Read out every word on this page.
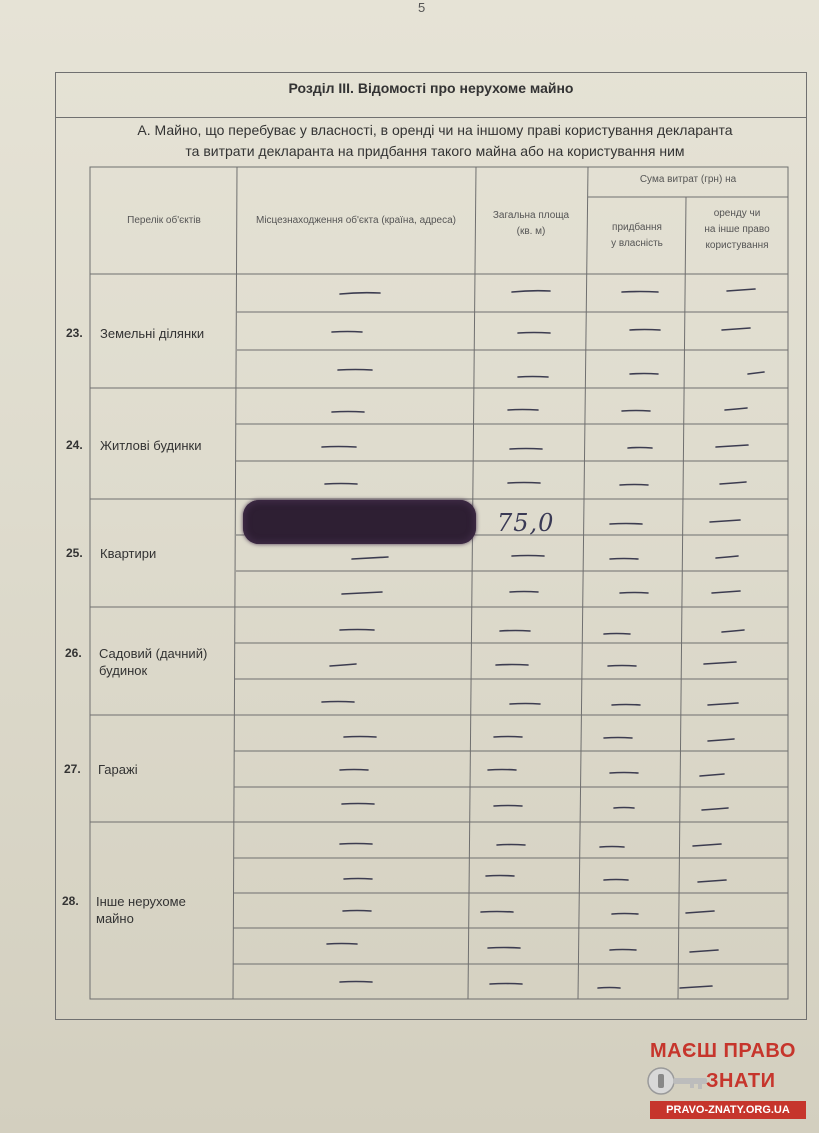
5
Розділ ІІІ. Відомості про нерухоме майно
А. Майно, що перебуває у власності, в оренді чи на іншому праві користування декларанта
та витрати декларанта на придбання такого майна або на користування ним
Перелік об'єктів	Місцезнаходження об'єкта (країна, адреса)	Загальна площа
(кв. м)
Сума витрат (грн) на
придбання
у власність
оренду чи
на інше право
користування
23. Земельні ділянки
24. Житлові будинки
25. Квартири
26. Садовий (дачний)
будинок
27. Гаражі
28. Інше нерухоме
майно
75,0
МАЄШ ПРАВО
ЗНАТИ
PRAVO-ZNATY.ORG.UA
